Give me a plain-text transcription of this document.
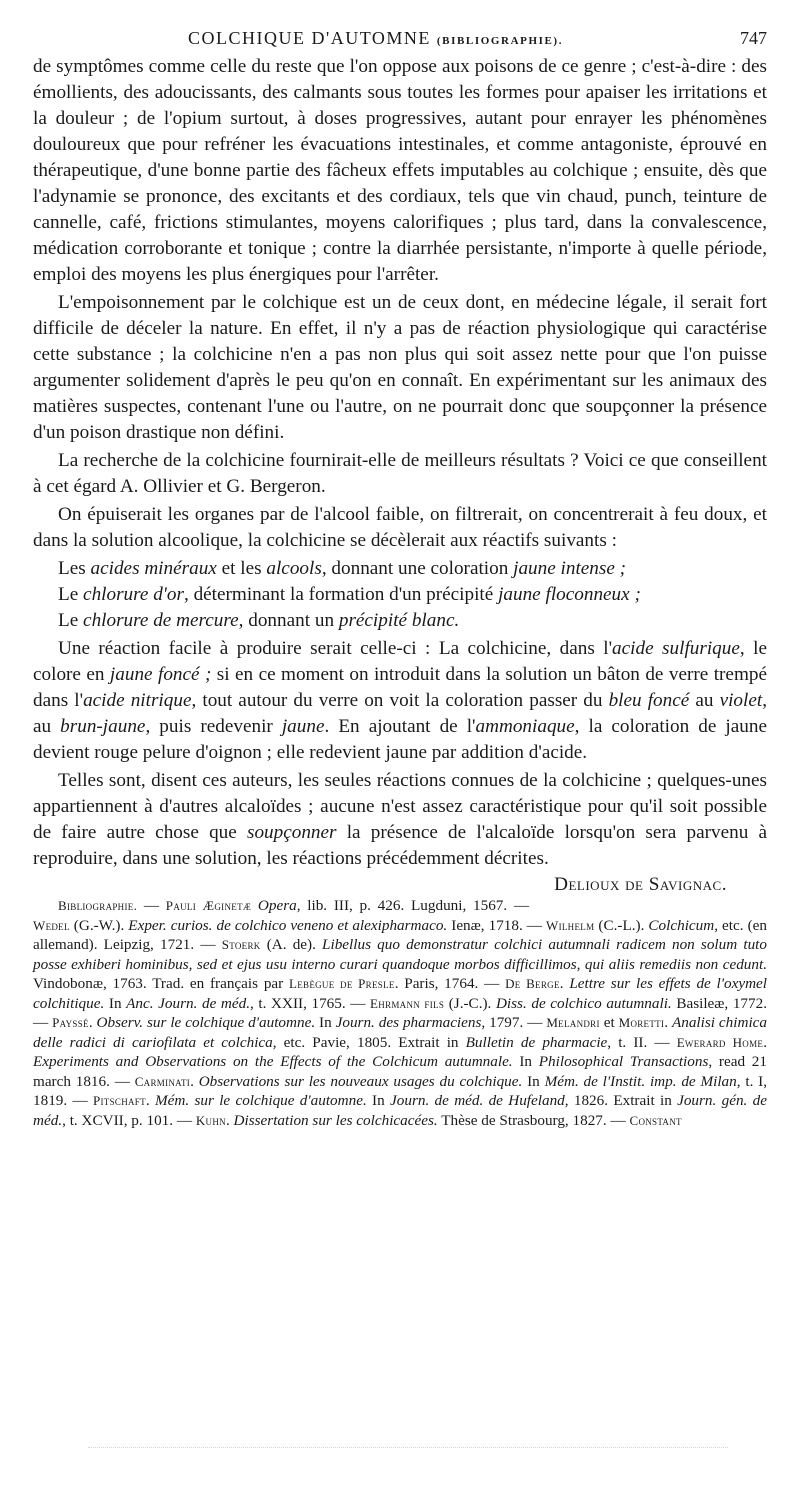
COLCHIQUE D'AUTOMNE (BIBLIOGRAPHIE).	747

de symptômes comme celle du reste que l'on oppose aux poisons de ce genre ; c'est-à-dire : des émollients, des adoucissants, des calmants sous toutes les formes pour apaiser les irritations et la douleur ; de l'opium surtout, à doses progressives, autant pour enrayer les phénomènes douloureux que pour refréner les évacuations intestinales, et comme antagoniste, éprouvé en thérapeutique, d'une bonne partie des fâcheux effets imputables au colchique ; ensuite, dès que l'adynamie se prononce, des excitants et des cordiaux, tels que vin chaud, punch, teinture de cannelle, café, frictions stimulantes, moyens calorifiques ; plus tard, dans la convalescence, médication corroborante et tonique ; contre la diarrhée persistante, n'importe à quelle période, emploi des moyens les plus énergiques pour l'arrêter.

L'empoisonnement par le colchique est un de ceux dont, en médecine légale, il serait fort difficile de déceler la nature. En effet, il n'y a pas de réaction physiologique qui caractérise cette substance ; la colchicine n'en a pas non plus qui soit assez nette pour que l'on puisse argumenter solidement d'après le peu qu'on en connaît. En expérimentant sur les animaux des matières suspectes, contenant l'une ou l'autre, on ne pourrait donc que soupçonner la présence d'un poison drastique non défini.

La recherche de la colchicine fournirait-elle de meilleurs résultats ? Voici ce que conseillent à cet égard A. Ollivier et G. Bergeron.

On épuiserait les organes par de l'alcool faible, on filtrerait, on concentrerait à feu doux, et dans la solution alcoolique, la colchicine se décèlerait aux réactifs suivants :

Les acides minéraux et les alcools, donnant une coloration jaune intense ;

Le chlorure d'or, déterminant la formation d'un précipité jaune floconneux ;

Le chlorure de mercure, donnant un précipité blanc.

Une réaction facile à produire serait celle-ci : La colchicine, dans l'acide sulfurique, le colore en jaune foncé ; si en ce moment on introduit dans la solution un bâton de verre trempé dans l'acide nitrique, tout autour du verre on voit la coloration passer du bleu foncé au violet, au brun-jaune, puis redevenir jaune. En ajoutant de l'ammoniaque, la coloration de jaune devient rouge pelure d'oignon ; elle redevient jaune par addition d'acide.

Telles sont, disent ces auteurs, les seules réactions connues de la colchicine ; quelques-unes appartiennent à d'autres alcaloïdes ; aucune n'est assez caractéristique pour qu'il soit possible de faire autre chose que soupçonner la présence de l'alcaloïde lorsqu'on sera parvenu à reproduire, dans une solution, les réactions précédemment décrites.
Delioux de Savignac.

Bibliographie. — Pauli Æginetæ Opera, lib. III, p. 426. Lugduni, 1567. — Wedel (G.-W.). Exper. curios. de colchico veneno et alexipharmaco. Ienæ, 1718. — Wilhelm (C.-L.). Colchicum, etc. (en allemand). Leipzig, 1721. — Stoerk (A. de). Libellus quo demonstratur colchici autumnali radicem non solum tuto posse exhiberi hominibus, sed et ejus usu interno curari quandoque morbos difficillimos, qui aliis remediis non cedunt. Vindobonæ, 1763. Trad. en français par Lebègue de Presle. Paris, 1764. — De Berge. Lettre sur les effets de l'oxymel colchitique. In Anc. Journ. de méd., t. XXII, 1765. — Ehrmann fils (J.-C.). Diss. de colchico autumnali. Basileæ, 1772. — Payssé. Observ. sur le colchique d'automne. In Journ. des pharmaciens, 1797. — Melandri et Moretti. Analisi chimica delle radici di cariofilata et colchica, etc. Pavie, 1805. Extrait in Bulletin de pharmacie, t. II. — Ewerard Home. Experiments and Observations on the Effects of the Colchicum autumnale. In Philosophical Transactions, read 21 march 1816. — Carminati. Observations sur les nouveaux usages du colchique. In Mém. de l'Instit. imp. de Milan, t. I, 1819. — Pitschaft. Mém. sur le colchique d'automne. In Journ. de méd. de Hufeland, 1826. Extrait in Journ. gén. de méd., t. XCVII, p. 101. — Kuhn. Dissertation sur les colchicacées. Thèse de Strasbourg, 1827. — Constant
